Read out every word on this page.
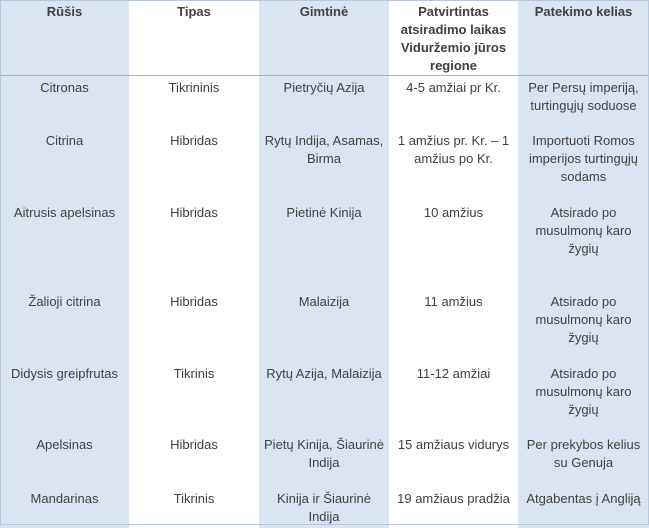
Rūšis	Tipas	Gimtinė	Patvirtintas atsiradimo laikas Viduržemio jūros regione	Patekimo kelias
Citronas	Tikrininis	Pietryčių Azija	4-5 amžiai pr Kr.	Per Persų imperiją, turtingųjų soduose
Citrina	Hibridas	Rytų Indija, Asamas, Birma	1 amžius pr. Kr. – 1 amžius po Kr.	Importuoti Romos imperijos turtingųjų sodams
Aitrusis apelsinas	Hibridas	Pietinė Kinija	10 amžius	Atsirado po musulmonų karo žygių
Žalioji citrina	Hibridas	Malaizija	11 amžius	Atsirado po musulmonų karo žygių
Didysis greipfrutas	Tikrinis	Rytų Azija, Malaizija	11-12 amžiai	Atsirado po musulmonų karo žygių
Apelsinas	Hibridas	Pietų Kinija, Šiaurinė Indija	15 amžiaus vidurys	Per prekybos kelius su Genuja
Mandarinas	Tikrinis	Kinija ir Šiaurinė Indija	19 amžiaus pradžia	Atgabentas į Angliją
